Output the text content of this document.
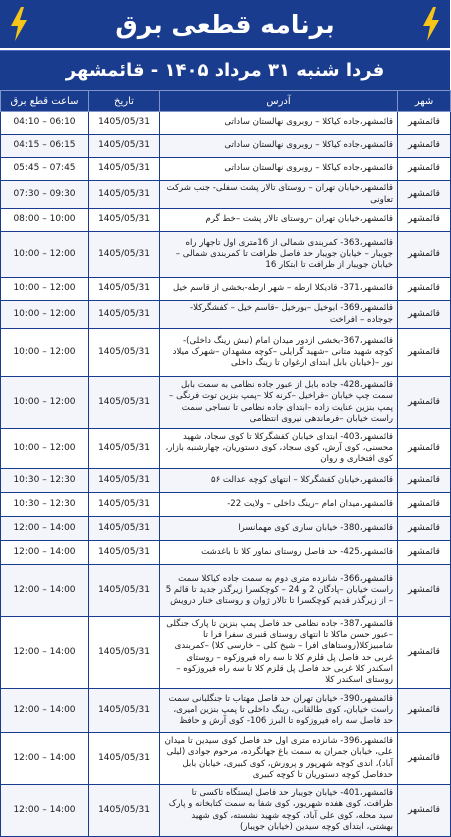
برنامه قطعی برق
فردا شنبه ۳۱ مرداد ۱۴۰۵ - قائمشهر
ساعت قطع برق	تاریخ	آدرس	شهر
04:10 – 06:10	1405/05/31	قائمشهر،جاده کیاکلا – روبروی نهالستان ساداتی	قائمشهر
04:15 – 06:15	1405/05/31	قائمشهر،جاده کیاکلا – روبروی نهالستان ساداتی	قائمشهر
05:45 – 07:45	1405/05/31	قائمشهر،جاده کیاکلا – روبروی نهالستان ساداتی	قائمشهر
07:30 – 09:30	1405/05/31	قائمشهر،خیابان تهران – روستای تالار پشت سفلی- جنب شرکت تعاونی	قائمشهر
08:00 – 10:00	1405/05/31	قائمشهر،خیابان تهران –روستای تالار پشت –خط گرم	قائمشهر
10:00 – 12:00	1405/05/31	قائمشهر،363- کمربندی شمالی از 16متری اول تاجهار راه جویبار – خیابان جویبار حد فاصل ظرافت تا کمربندی شمالی –خیابان جویبار از ظرافت تا ابتکار 16	قائمشهر
10:00 – 12:00	1405/05/31	قائمشهر،371- قادیکلا ارطه – شهر ارطه-بخشی از قاسم خیل	قائمشهر
10:00 – 12:00	1405/05/31	قائمشهر،369- ابوخیل –بورخیل –قاسم خیل – کفشگرکلا-جوجاده – افراخت	قائمشهر
10:00 – 12:00	1405/05/31	قائمشهر،367-بخشی ازدور میدان امام (نبش رینگ داخلی)- کوچه شهید متانی –شهید گرایلی –کوچه مشهدان –شهرک میلاد نور –(خیابان بابل ابتدای ارغوان تا رینگ داخلی	قائمشهر
10:00 – 12:00	1405/05/31	قائمشهر،428- جاده بابل از عبور جاده نظامی به سمت بابل سمت چپ خیابان –قراخیل –کرنه کلا –پمپ بنزین توت فرنگی –پمپ بنزین عنایت زاده –ابتدای جاده نظامی تا نساجی سمت راست خیابان –فرماندهی نیروی انتظامی	قائمشهر
10:00 – 12:00	1405/05/31	قائمشهر،403- ابتدای خیابان کفشگرکلا تا کوی سجاد، شهید محسنی، کوی آرش، کوی سجاد، کوی دستوریان، چهارشنبه بازار، کوی افتخاری و روان	قائمشهر
10:30 – 12:30	1405/05/31	قائمشهر،خیابان کفشگرکلا – انتهای کوچه عدالت ۵۶	قائمشهر
10:30 – 12:30	1405/05/31	قائمشهر،میدان امام –رینگ داخلی – ولایت 22-	قائمشهر
12:00 – 14:00	1405/05/31	قائمشهر،380- خیابان ساری کوی مهمانسرا	قائمشهر
12:00 – 14:00	1405/05/31	قائمشهر،425- حد فاصل روستای نماور کلا تا باغدشت	قائمشهر
12:00 – 14:00	1405/05/31	قائمشهر،366- شانزده متری دوم به سمت جاده کیاکلا سمت راست خیابان –پادگان 2 و 24 – کوچکسرا زیرگذر جدید تا قائم 5 – از زیرگذر قدیم کوچکسرا تا تالار ژوان و روستای خنار درویش	قائمشهر
12:00 – 14:00	1405/05/31	قائمشهر،387- جاده نظامی حد فاصل پمپ بنزین تا پارک جنگلی –عبور حسن ماکلا تا انتهای روستای قنبری سفرا فرا تا شامبیزکلا(روستاهای افرا – شیخ کلی – خارسی کلا) –کمربندی غربی حد فاصل پل قلزم کلا تا سه راه فیروزکوه – روستای اسکندر کلا غربی حد فاصل پل قلزم کلا تا سه راه فیروزکوه – روستای اسکندر کلا	قائمشهر
12:00 – 14:00	1405/05/31	قائمشهر،390- خیابان تهران حد فاصل مهتاب تا جنگلبانی سمت راست خیابان، کوی طالقانی، رینگ داخلی تا پمپ بنزین امیری، حد فاصل سه راه فیروزکوه تا البرز 106- کوی آرش و حافظ	قائمشهر
12:00 – 14:00	1405/05/31	قائمشهر،396- شانزده متری اول حد فاصل کوی سیدین تا میدان علی، خیابان جمران به سمت باغ جهانگرده، مرحوم جوادی (لیلی آباد)، اندی کوچه شهرپور و پرورش، کوی کبیری، خیابان بابل حدفاصل کوچه دستوریان تا کوچه کبیری	قائمشهر
12:00 – 14:00	1405/05/31	قائمشهر،401- خیابان جویبار حد فاصل ایستگاه تاکسی تا ظرافت، کوی هفده شهریور، کوی شفا به سمت کتابخانه و پارک سید محله، کوی علی آباد، کوچه شهید نشسته، کوی شهید بهشتی، ابتدای کوچه سیدین (خیابان جویبار)	قائمشهر
